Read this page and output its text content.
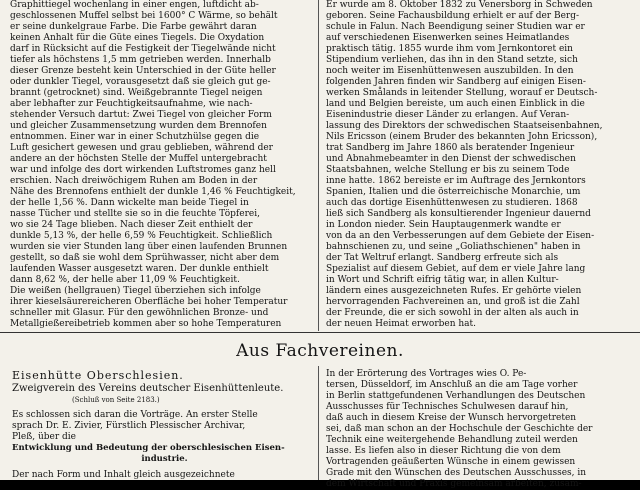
Graphittiegel wochenlang in einer engen, luftdicht ab-
geschlossenen Muffel selbst bei 1600° C Wärme, so behält
er seine dunkelgraue Farbe. Die Farbe gewährt daran
keinen Anhalt für die Güte eines Tiegels. Die Oxydation
darf in Rücksicht auf die Festigkeit der Tiegelwände nicht
tiefer als höchstens 1,5 mm getrieben werden. Innerhalb
dieser Grenze besteht kein Unterschied in der Güte heller
oder dunkler Tiegel, vorausgesetzt daß sie gleich gut ge-
brannt (getrocknet) sind. Weißgebrannte Tiegel neigen
aber lebhafter zur Feuchtigkeitsaufnahme, wie nach-
stehender Versuch dartut: Zwei Tiegel von gleicher Form
und gleicher Zusammensetzung wurden dem Brennofen
entnommen. Einer war in einer Schutzhülse gegen die
Luft gesichert gewesen und grau geblieben, während der
andere an der höchsten Stelle der Muffel untergebracht
war und infolge des dort wirkenden Luftstromes ganz hell
erschien. Nach dreiwöchigem Ruhen am Boden in der
Nähe des Brennofens enthielt der dunkle 1,46 % Feuchtigkeit,
der helle 1,56 %. Dann wickelte man beide Tiegel in
nasse Tücher und stellte sie so in die feuchte Töpferei,
wo sie 24 Tage blieben. Nach dieser Zeit enthielt der
dunkle 5,13 %, der helle 6,59 % Feuchtigkeit. Schließlich
wurden sie vier Stunden lang über einen laufenden Brunnen
gestellt, so daß sie wohl dem Sprühwasser, nicht aber dem
laufenden Wasser ausgesetzt waren. Der dunkle enthielt
dann 8,62 %, der helle aber 11,09 % Feuchtigkeit.
Die weißen (hellgrauen) Tiegel überziehen sich infolge
ihrer kieselsäurereicheren Oberfläche bei hoher Temperatur
schneller mit Glasur. Für den gewöhnlichen Bronze- und
Metallgießereibetrieb kommen aber so hohe Temperaturen
Er wurde am 8. Oktober 1832 zu Venersborg in Schweden
geboren. Seine Fachausbildung erhielt er auf der Berg-
schule in Falun. Nach Beendigung seiner Studien war er
auf verschiedenen Eisenwerken seines Heimatlandes
praktisch tätig. 1855 wurde ihm vom Jernkontoret ein
Stipendium verliehen, das ihn in den Stand setzte, sich
noch weiter im Eisenhüttenwesen auszubilden. In den
folgenden Jahren finden wir Sandberg auf einigen Eisen-
werken Smålands in leitender Stellung, worauf er Deutsch-
land und Belgien bereiste, um auch einen Einblick in die
Eisenindustrie dieser Länder zu erlangen. Auf Veran-
lassung des Direktors der schwedischen Staatseisenbahnen,
Nils Ericsson (einem Bruder des bekannten John Ericsson),
trat Sandberg im Jahre 1860 als beratender Ingenieur
und Abnahmebeamter in den Dienst der schwedischen
Staatsbahnen, welche Stellung er bis zu seinem Tode
inne hatte. 1862 bereiste er im Auftrage des Jernkontors
Spanien, Italien und die österreichische Monarchie, um
auch das dortige Eisenhüttenwesen zu studieren. 1868
ließ sich Sandberg als konsultierender Ingenieur dauernd
in London nieder. Sein Hauptaugenmerk wandte er
von da an den Verbesserungen auf dem Gebiete der Eisen-
bahnschienen zu, und seine „Goliathschienen" haben in
der Tat Weltruf erlangt. Sandberg erfreute sich als
Spezialist auf diesem Gebiet, auf dem er viele Jahre lang
in Wort und Schrift eifrig tätig war, in allen Kultur-
ländern eines ausgezeichneten Rufes. Er gehörte vielen
hervorragenden Fachvereinen an, und groß ist die Zahl
der Freunde, die er sich sowohl in der alten als auch in
der neuen Heimat erworben hat.
Aus Fachvereinen.
Eisenhütte Oberschlesien.
Zweigverein des Vereins deutscher Eisenhüttenleute.
(Schluß von Seite 2183.)
Es schlossen sich daran die Vorträge. An erster Stelle
sprach Dr. E. Zivier, Fürstlich Plessischer Archivar,
Pleß, über die
Entwicklung und Bedeutung der oberschlesischen Eisen-
industrie.
Der nach Form und Inhalt gleich ausgezeichnete
In der Erörterung des Vortrages wies O. Pe-
tersen, Düsseldorf, im Anschluß an die am Tage vorher
in Berlin stattgefundenen Verhandlungen des Deutschen
Ausschusses für Technisches Schulwesen darauf hin,
daß auch in diesem Kreise der Wunsch hervorgetreten
sei, daß man schon an der Hochschule der Geschichte der
Technik eine weitergehende Behandlung zuteil werden
lasse. Es liefen also in dieser Richtung die von dem
Vortragenden geäußerten Wünsche in einem gewissen
Grade mit den Wünschen des Deutschen Ausschusses, in
dem Wirtschaft und Praxis gemeinsam arbeiten, zusam-
